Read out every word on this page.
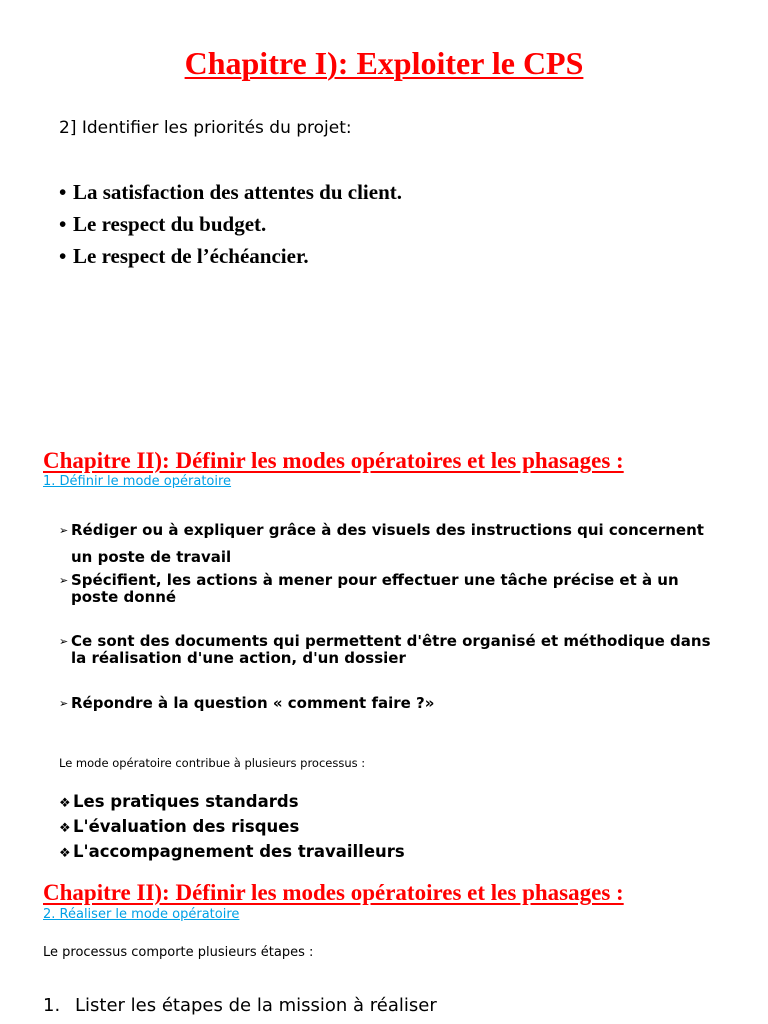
Chapitre I): Exploiter le CPS
2] Identifier les priorités du projet:
• La satisfaction des attentes du client.
• Le respect du budget.
• Le respect de l’échéancier.
Chapitre II): Définir les modes opératoires et les phasages :
1. Définir le mode opératoire
➢ Rédiger ou à expliquer grâce à des visuels des instructions qui concernent
un poste de travail
➢ Spécifient, les actions à mener pour effectuer une tâche précise et à un
poste donné
➢ Ce sont des documents qui permettent d'être organisé et méthodique dans
la réalisation d'une action, d'un dossier
➢ Répondre à la question « comment faire ?»
Le mode opératoire contribue à plusieurs processus :
❖ Les pratiques standards
❖ L'évaluation des risques
❖ L'accompagnement des travailleurs
Chapitre II): Définir les modes opératoires et les phasages :
2. Réaliser le mode opératoire
Le processus comporte plusieurs étapes :
1. Lister les étapes de la mission à réaliser
